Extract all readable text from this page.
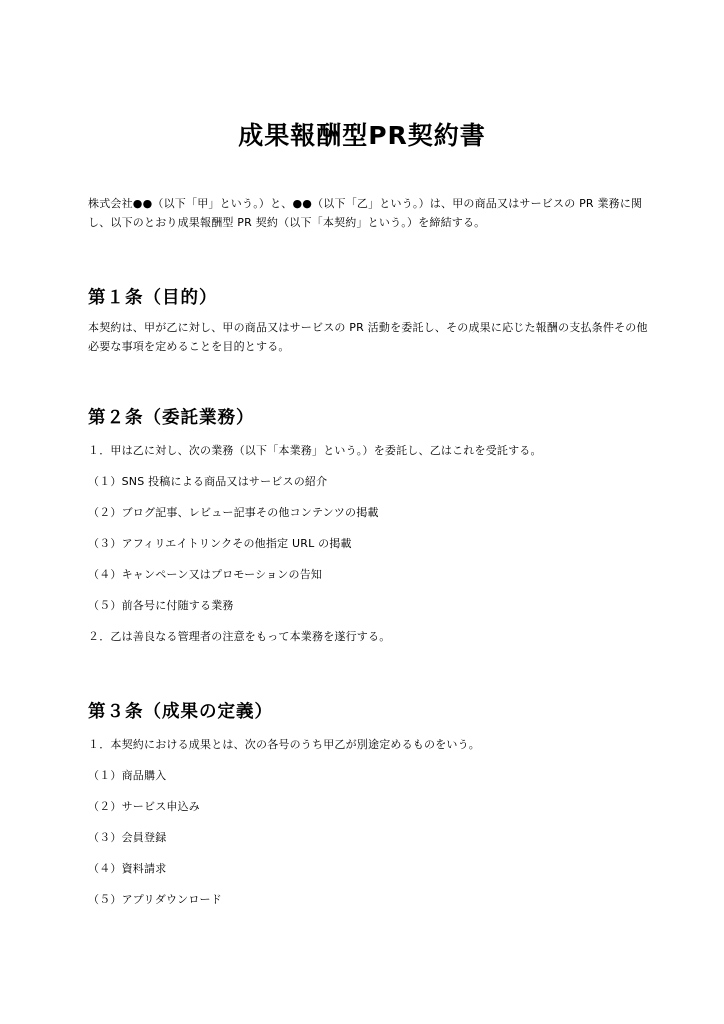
成果報酬型PR契約書

株式会社●●（以下「甲」という。）と、●●（以下「乙」という。）は、甲の商品又はサービスの PR 業務に関し、以下のとおり成果報酬型 PR 契約（以下「本契約」という。）を締結する。

第１条（目的）

本契約は、甲が乙に対し、甲の商品又はサービスの PR 活動を委託し、その成果に応じた報酬の支払条件その他必要な事項を定めることを目的とする。

第２条（委託業務）

１．甲は乙に対し、次の業務（以下「本業務」という。）を委託し、乙はこれを受託する。

（１）SNS 投稿による商品又はサービスの紹介

（２）ブログ記事、レビュー記事その他コンテンツの掲載

（３）アフィリエイトリンクその他指定 URL の掲載

（４）キャンペーン又はプロモーションの告知

（５）前各号に付随する業務

２．乙は善良なる管理者の注意をもって本業務を遂行する。

第３条（成果の定義）

１．本契約における成果とは、次の各号のうち甲乙が別途定めるものをいう。

（１）商品購入

（２）サービス申込み

（３）会員登録

（４）資料請求

（５）アプリダウンロード
